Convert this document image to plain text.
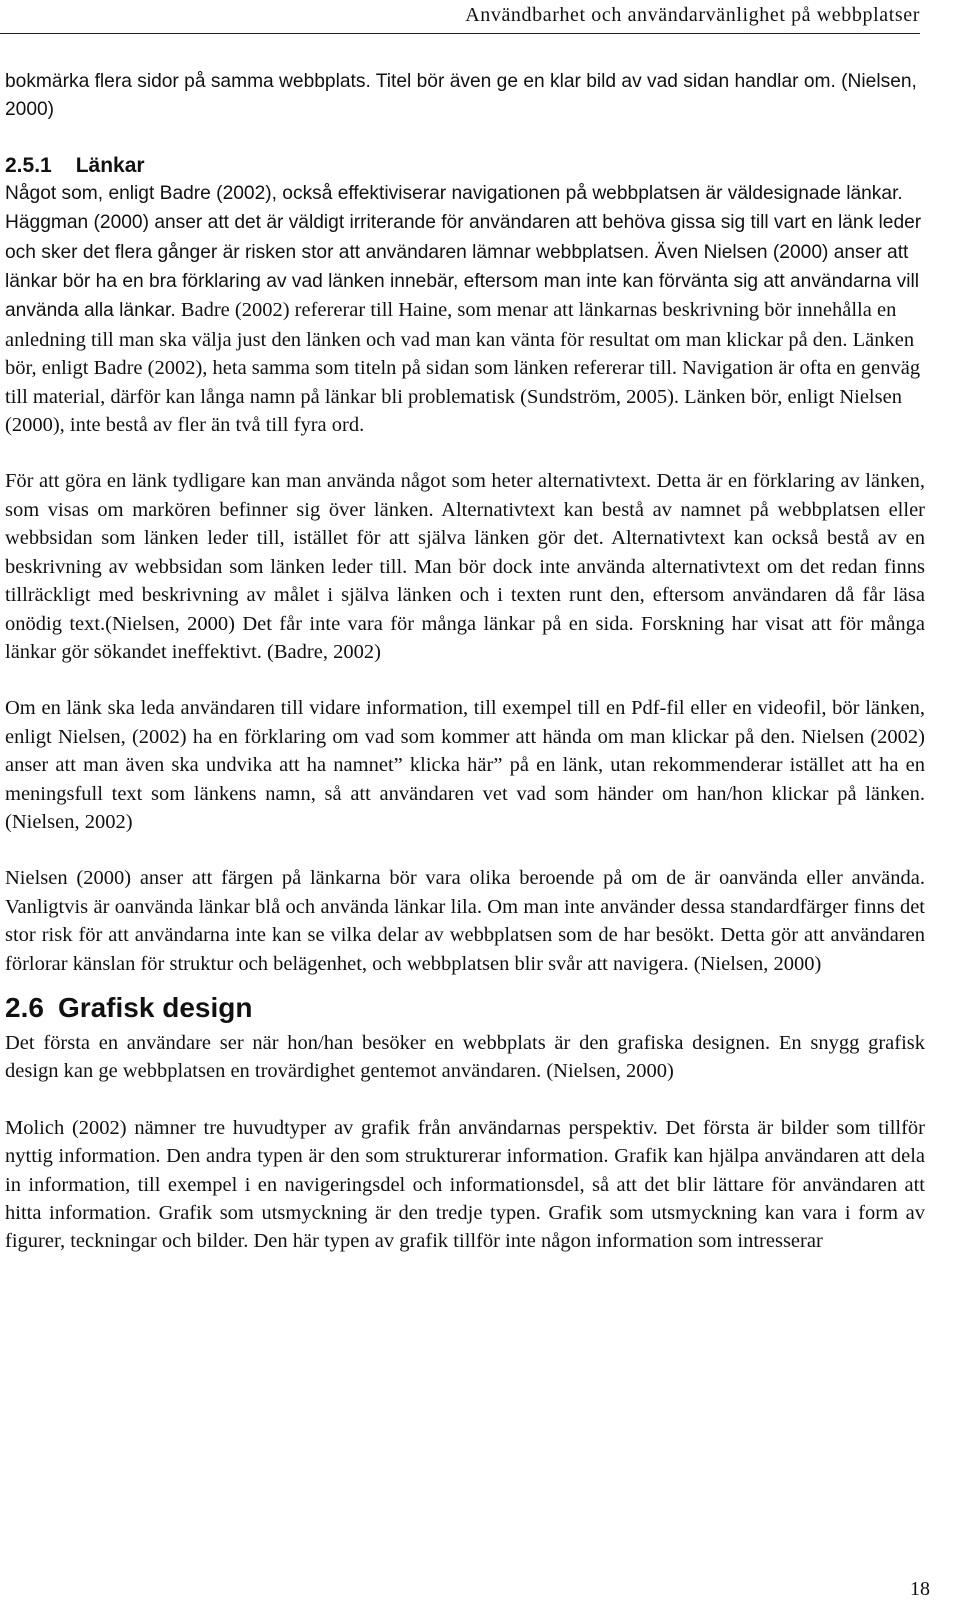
Användbarhet och användarvänlighet på webbplatser

bokmärka flera sidor på samma webbplats. Titel bör även ge en klar bild av vad sidan handlar om. (Nielsen, 2000)

2.5.1 Länkar

Något som, enligt Badre (2002), också effektiviserar navigationen på webbplatsen är väldesignade länkar. Häggman (2000) anser att det är väldigt irriterande för användaren att behöva gissa sig till vart en länk leder och sker det flera gånger är risken stor att användaren lämnar webbplatsen. Även Nielsen (2000) anser att länkar bör ha en bra förklaring av vad länken innebär, eftersom man inte kan förvänta sig att användarna vill använda alla länkar. Badre (2002) refererar till Haine, som menar att länkarnas beskrivning bör innehålla en anledning till man ska välja just den länken och vad man kan vänta för resultat om man klickar på den. Länken bör, enligt Badre (2002), heta samma som titeln på sidan som länken refererar till. Navigation är ofta en genväg till material, därför kan långa namn på länkar bli problematisk (Sundström, 2005). Länken bör, enligt Nielsen (2000), inte bestå av fler än två till fyra ord.

För att göra en länk tydligare kan man använda något som heter alternativtext. Detta är en förklaring av länken, som visas om markören befinner sig över länken. Alternativtext kan bestå av namnet på webbplatsen eller webbsidan som länken leder till, istället för att själva länken gör det. Alternativtext kan också bestå av en beskrivning av webbsidan som länken leder till. Man bör dock inte använda alternativtext om det redan finns tillräckligt med beskrivning av målet i själva länken och i texten runt den, eftersom användaren då får läsa onödig text.(Nielsen, 2000) Det får inte vara för många länkar på en sida. Forskning har visat att för många länkar gör sökandet ineffektivt. (Badre, 2002)

Om en länk ska leda användaren till vidare information, till exempel till en Pdf-fil eller en videofil, bör länken, enligt Nielsen, (2002) ha en förklaring om vad som kommer att hända om man klickar på den. Nielsen (2002) anser att man även ska undvika att ha namnet” klicka här” på en länk, utan rekommenderar istället att ha en meningsfull text som länkens namn, så att användaren vet vad som händer om han/hon klickar på länken. (Nielsen, 2002)

Nielsen (2000) anser att färgen på länkarna bör vara olika beroende på om de är oanvända eller använda. Vanligtvis är oanvända länkar blå och använda länkar lila. Om man inte använder dessa standardfärger finns det stor risk för att användarna inte kan se vilka delar av webbplatsen som de har besökt. Detta gör att användaren förlorar känslan för struktur och belägenhet, och webbplatsen blir svår att navigera. (Nielsen, 2000)

2.6 Grafisk design

Det första en användare ser när hon/han besöker en webbplats är den grafiska designen. En snygg grafisk design kan ge webbplatsen en trovärdighet gentemot användaren. (Nielsen, 2000)

Molich (2002) nämner tre huvudtyper av grafik från användarnas perspektiv. Det första är bilder som tillför nyttig information. Den andra typen är den som strukturerar information. Grafik kan hjälpa användaren att dela in information, till exempel i en navigeringsdel och informationsdel, så att det blir lättare för användaren att hitta information. Grafik som utsmyckning är den tredje typen. Grafik som utsmyckning kan vara i form av figurer, teckningar och bilder. Den här typen av grafik tillför inte någon information som intresserar

18
